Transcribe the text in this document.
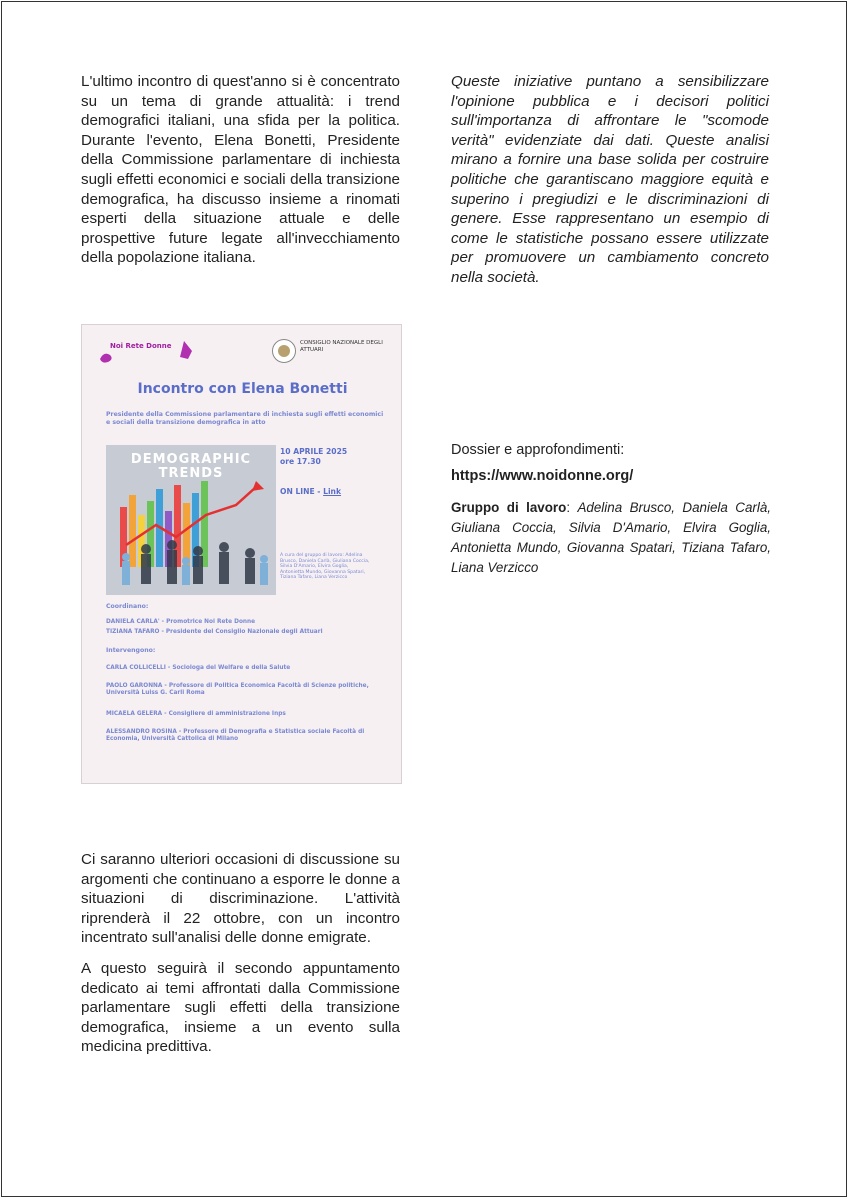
L'ultimo incontro di quest'anno si è concentrato su un tema di grande attualità: i trend demografici italiani, una sfida per la politica. Durante l'evento, Elena Bonetti, Presidente della Commissione parlamentare di inchiesta sugli effetti economici e sociali della transizione demografica, ha discusso insieme a rinomati esperti della situazione attuale e delle prospettive future legate all'invecchiamento della popolazione italiana.
Queste iniziative puntano a sensibilizzare l'opinione pubblica e i decisori politici sull'importanza di affrontare le "scomode verità" evidenziate dai dati. Queste analisi mirano a fornire una base solida per costruire politiche che garantiscano maggiore equità e superino i pregiudizi e le discriminazioni di genere. Esse rappresentano un esempio di come le statistiche possano essere utilizzate per promuovere un cambiamento concreto nella società.
Noi Rete Donne	CONSIGLIO NAZIONALE DEGLI ATTUARI
Incontro con Elena Bonetti
Presidente della Commissione parlamentare di inchiesta sugli effetti economici e sociali della transizione demografica in atto
DEMOGRAPHIC
TRENDS
10 APRILE 2025
ore 17.30
ON LINE - Link
A cura del gruppo di lavoro: Adelina Brusco, Daniela Carlà, Giuliana Coccia, Silvia D'Amario, Elvira Goglia, Antonietta Mundo, Giovanna Spatari, Tiziana Tafaro, Liana Verzicco
Coordinano:
DANIELA CARLA' - Promotrice Noi Rete Donne
TIZIANA TAFARO - Presidente del Consiglio Nazionale degli Attuari
Intervengono:
CARLA COLLICELLI - Sociologa del Welfare e della Salute
PAOLO GARONNA - Professore di Politica Economica Facoltà di Scienze politiche, Università Luiss G. Carli Roma
MICAELA GELERA - Consigliere di amministrazione Inps
ALESSANDRO ROSINA - Professore di Demografia e Statistica sociale Facoltà di Economia, Università Cattolica di Milano

Dossier e approfondimenti:

https://www.noidonne.org/

Gruppo di lavoro: Adelina Brusco, Daniela Carlà, Giuliana Coccia, Silvia D'Amario, Elvira Goglia, Antonietta Mundo, Giovanna Spatari, Tiziana Tafaro, Liana Verzicco

Ci saranno ulteriori occasioni di discussione su argomenti che continuano a esporre le donne a situazioni di discriminazione. L'attività riprenderà il 22 ottobre, con un incontro incentrato sull'analisi delle donne emigrate.

A questo seguirà il secondo appuntamento dedicato ai temi affrontati dalla Commissione parlamentare sugli effetti della transizione demografica, insieme a un evento sulla medicina predittiva.
